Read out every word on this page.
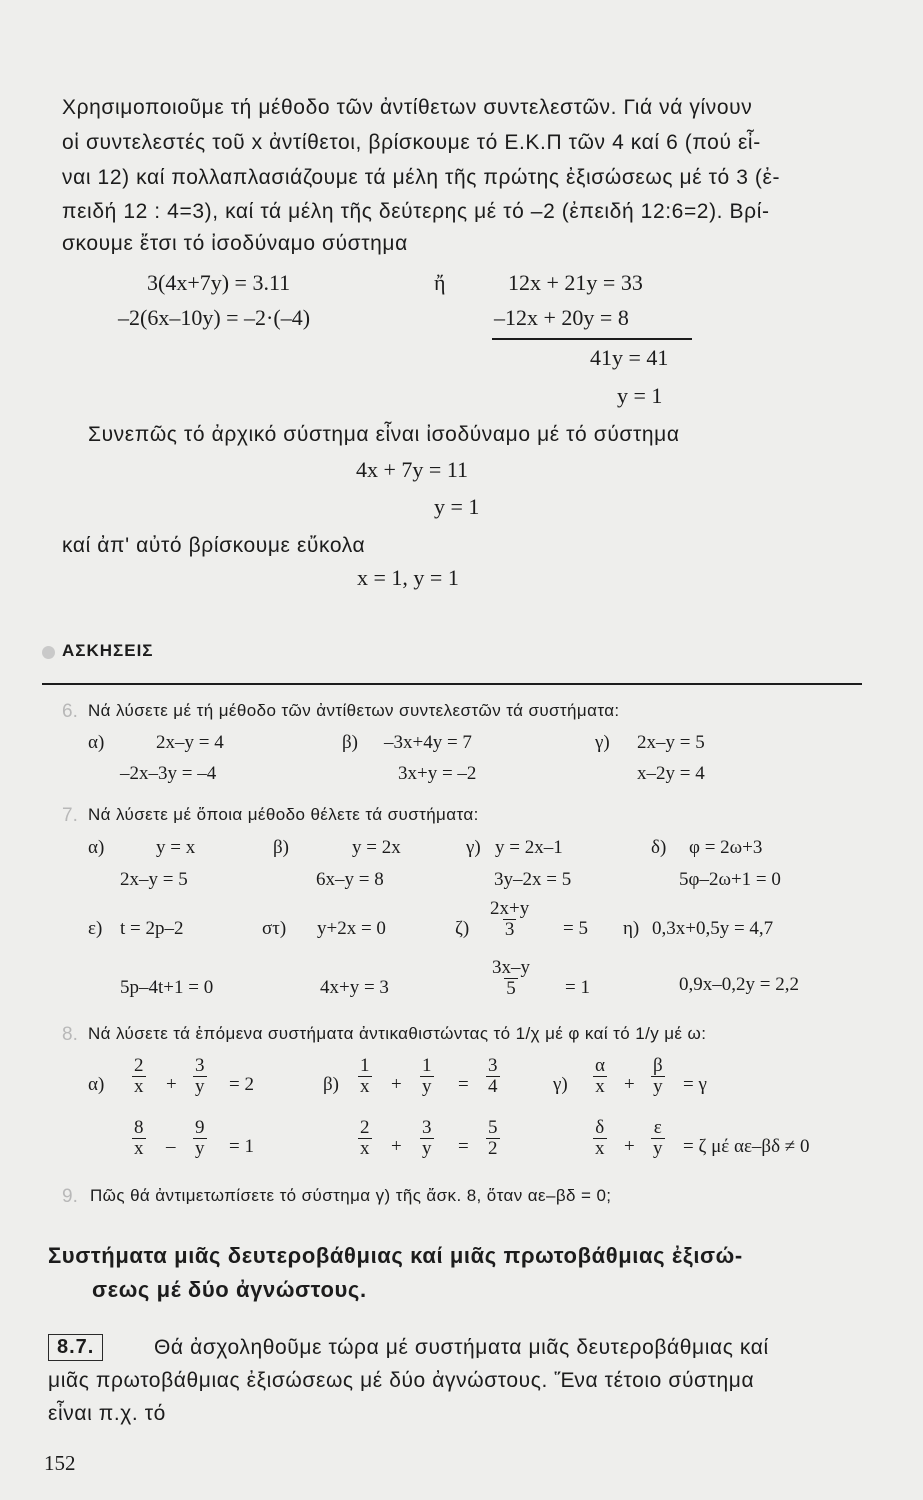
Χρησιμοποιοῦμε τή μέθοδο τῶν ἀντίθετων συντελεστῶν. Γιά νά γίνουν
οἱ συντελεστές τοῦ x ἀντίθετοι, βρίσκουμε τό Ε.Κ.Π τῶν 4 καί 6 (πού εἶ-
ναι 12) καί πολλαπλασιάζουμε τά μέλη τῆς πρώτης ἐξισώσεως μέ τό 3 (ἐ-
πειδή 12 : 4=3), καί τά μέλη τῆς δεύτερης μέ τό –2 (ἐπειδή 12:6=2). Βρί-
σκουμε ἔτσι τό ἰσοδύναμο σύστημα
3(4x+7y) = 3.11
–2(6x–10y) = –2·(–4)
ἤ	12x + 21y = 33
–12x + 20y = 8
41y = 41
y = 1
Συνεπῶς τό ἀρχικό σύστημα εἶναι ἰσοδύναμο μέ τό σύστημα
4x + 7y = 11
y = 1
καί ἀπ' αὐτό βρίσκουμε εὔκολα
x = 1, y = 1
ΑΣΚΗΣΕΙΣ
6. Νά λύσετε μέ τή μέθοδο τῶν ἀντίθετων συντελεστῶν τά συστήματα:
α)	2x–y = 4
–2x–3y = –4
β) –3x+4y = 7
3x+y = –2
γ) 2x–y = 5
x–2y = 4
7. Νά λύσετε μέ ὅποια μέθοδο θέλετε τά συστήματα:
α)	y = x
2x–y = 5
β)	y = 2x
6x–y = 8
γ) y = 2x–1
3y–2x = 5
δ) φ = 2ω+3
5φ–2ω+1 = 0
ε) t = 2p–2
5p–4t+1 = 0
στ) y+2x = 0
4x+y = 3
$\zeta) \frac{2x+y}{3} = 5$
$\frac{3x-y}{5} = 1$
η) 0,3x+0,5y = 4,7
0,9x–0,2y = 2,2
8. Νά λύσετε τά ἑπόμενα συστήματα ἀντικαθιστώντας τό 1/χ μέ φ καί τό 1/y μέ ω:
$\alpha) \frac{2}{x} + \frac{3}{y} = 2$
$\frac{8}{x} - \frac{9}{y} = 1$
$\beta) \frac{1}{x} + \frac{1}{y} = \frac{3}{4}$
$\frac{2}{x} + \frac{3}{y} = \frac{5}{2}$
$\gamma) \frac{\alpha}{x} + \frac{\beta}{y} = \gamma$
$\frac{\delta}{x} + \frac{\varepsilon}{y} = \zeta$ μέ αε–βδ ≠ 0
9. Πῶς θά ἀντιμετωπίσετε τό σύστημα γ) τῆς ἄσκ. 8, ὅταν αε–βδ = 0;
Συστήματα μιᾶς δευτεροβάθμιας καί μιᾶς πρωτοβάθμιας ἐξισώ-
σεως μέ δύο ἀγνώστους.
8.7.	Θά ἀσχοληθοῦμε τώρα μέ συστήματα μιᾶς δευτεροβάθμιας καί
μιᾶς πρωτοβάθμιας ἐξισώσεως μέ δύο ἀγνώστους. Ἕνα τέτοιο σύστημα
εἶναι π.χ. τό
152
